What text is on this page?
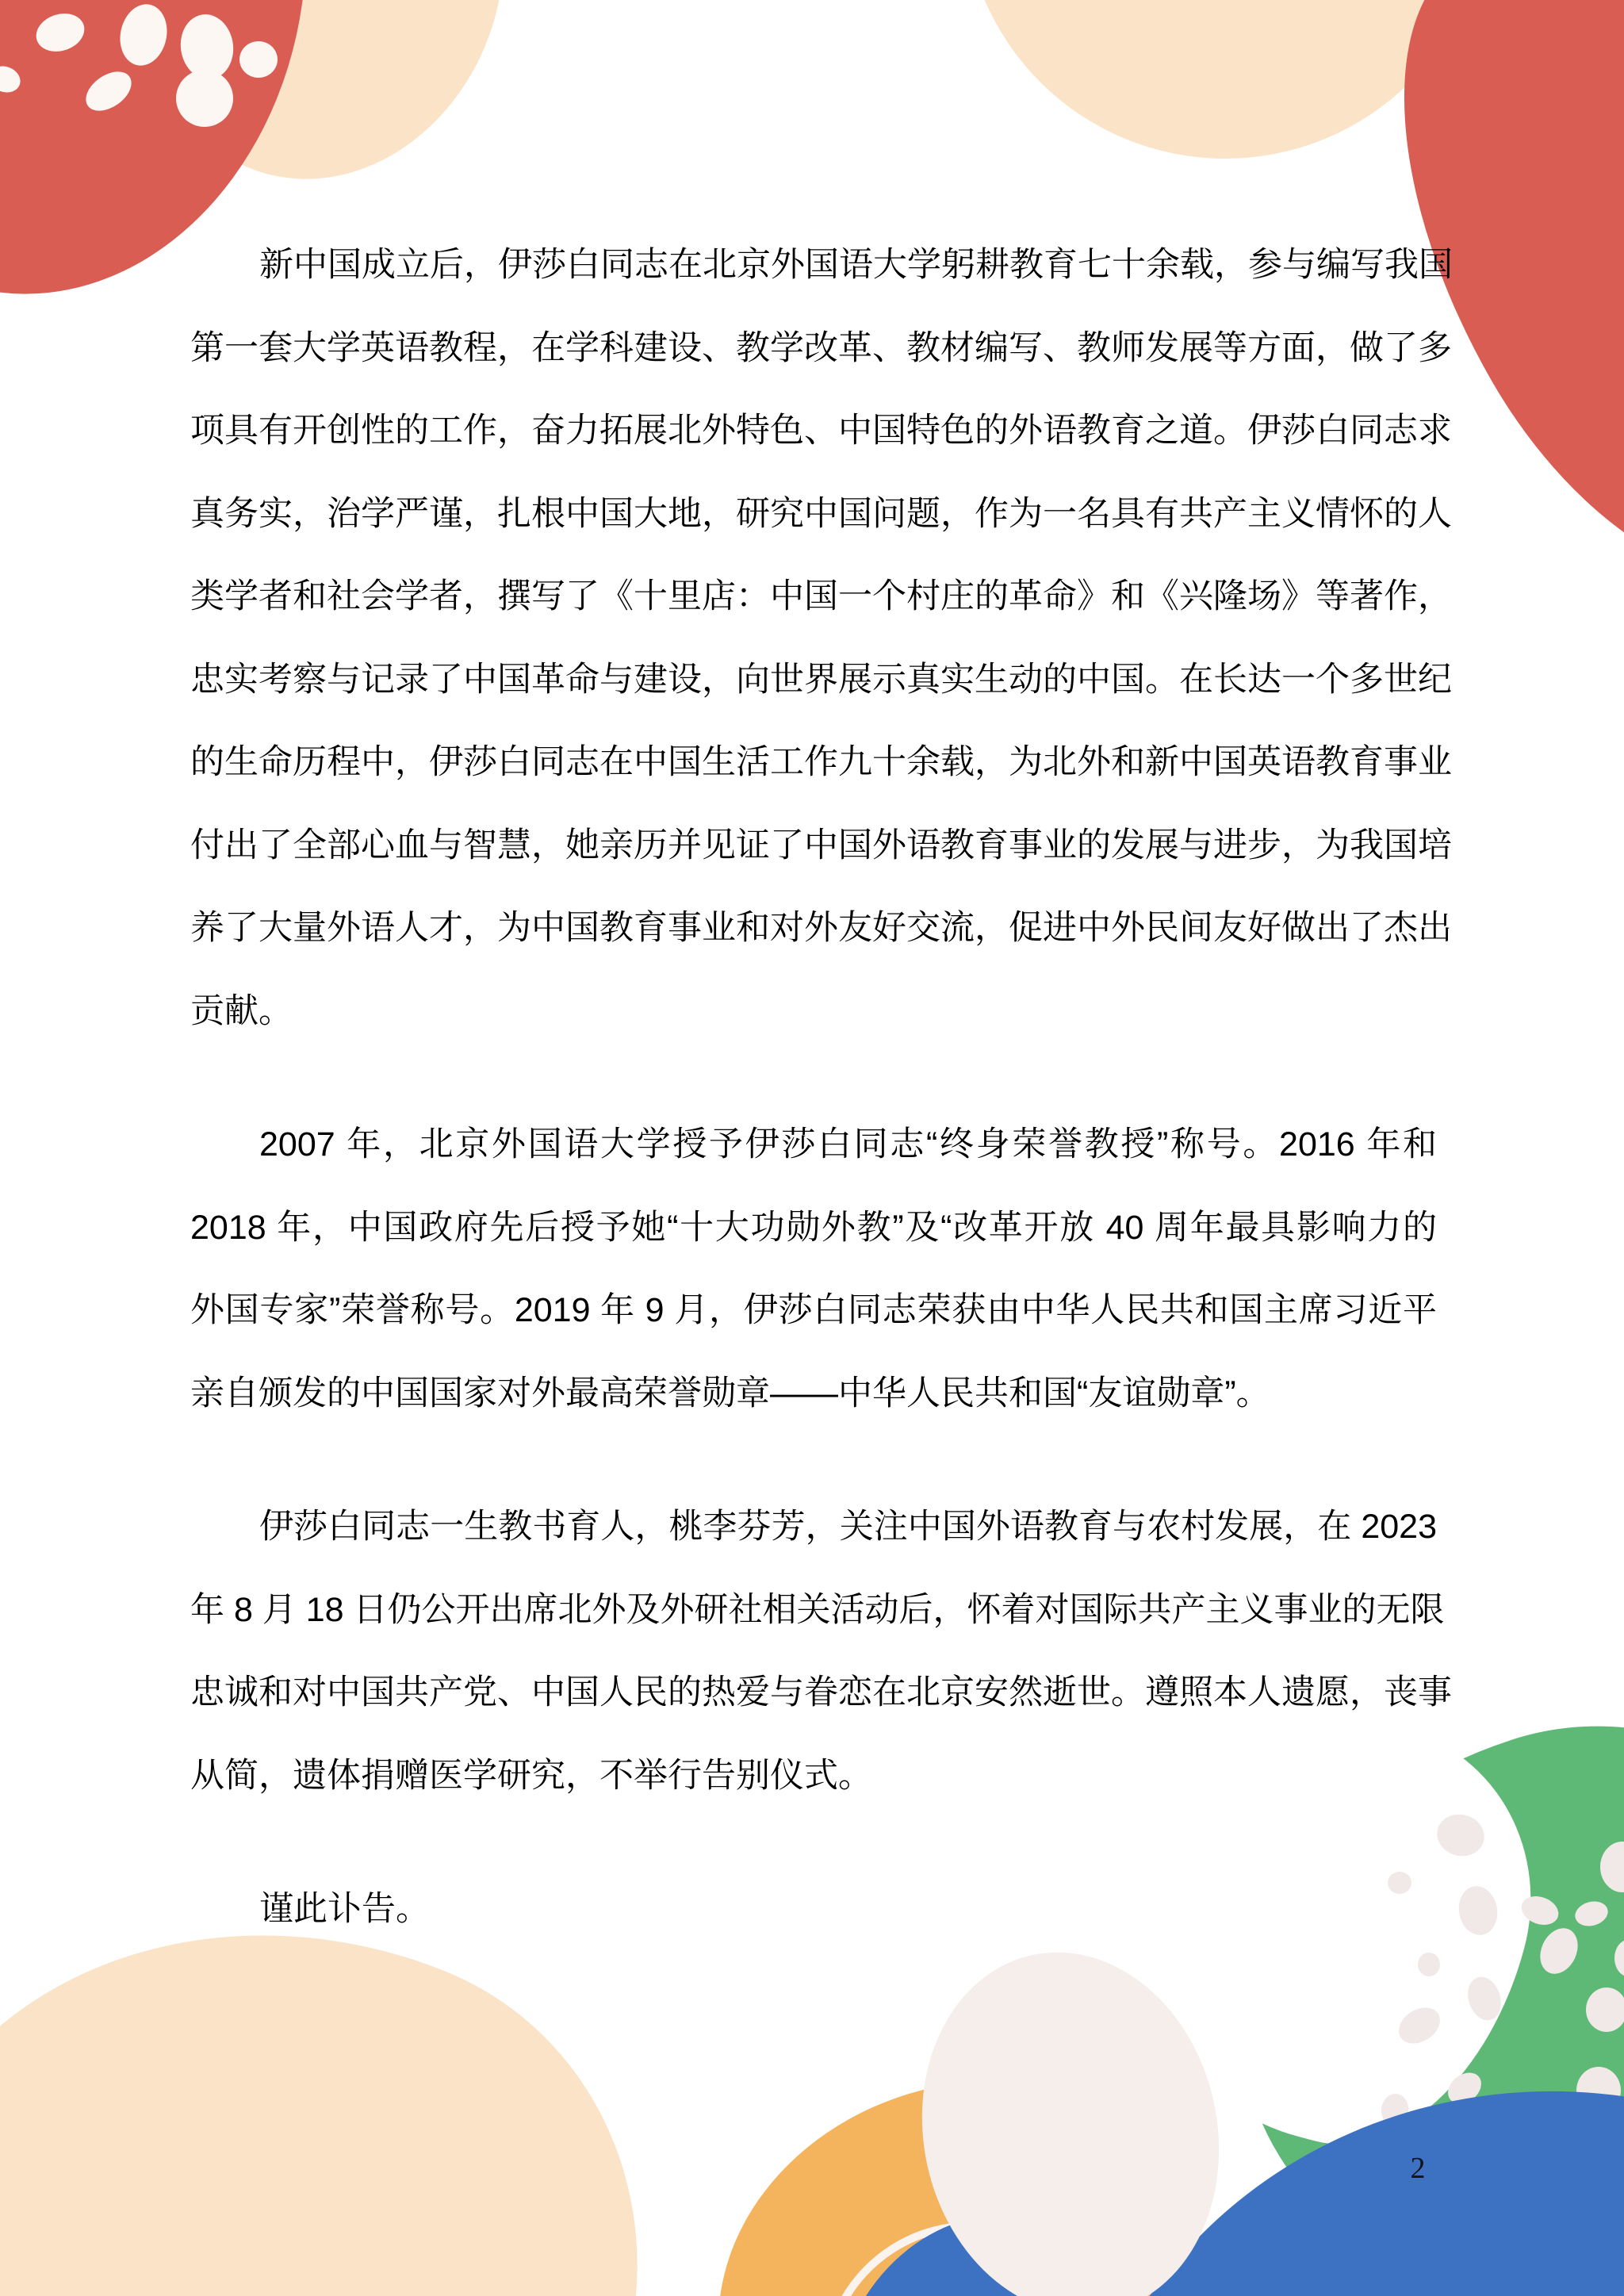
新中国成立后，伊莎白同志在北京外国语大学躬耕教育七十余载，参与编写我国
第一套大学英语教程，在学科建设、教学改革、教材编写、教师发展等方面，做了多
项具有开创性的工作，奋力拓展北外特色、中国特色的外语教育之道。伊莎白同志求
真务实，治学严谨，扎根中国大地，研究中国问题，作为一名具有共产主义情怀的人
类学者和社会学者，撰写了《十里店：中国一个村庄的革命》和《兴隆场》等著作，
忠实考察与记录了中国革命与建设，向世界展示真实生动的中国。在长达一个多世纪
的生命历程中，伊莎白同志在中国生活工作九十余载，为北外和新中国英语教育事业
付出了全部心血与智慧，她亲历并见证了中国外语教育事业的发展与进步，为我国培
养了大量外语人才，为中国教育事业和对外友好交流，促进中外民间友好做出了杰出
贡献。
2007 年，北京外国语大学授予伊莎白同志“终身荣誉教授”称号。2016 年和
2018 年，中国政府先后授予她“十大功勋外教”及“改革开放 40 周年最具影响力的
外国专家”荣誉称号。2019 年 9 月，伊莎白同志荣获由中华人民共和国主席习近平
亲自颁发的中国国家对外最高荣誉勋章——中华人民共和国“友谊勋章”。
伊莎白同志一生教书育人，桃李芬芳，关注中国外语教育与农村发展，在 2023
年 8 月 18 日仍公开出席北外及外研社相关活动后，怀着对国际共产主义事业的无限
忠诚和对中国共产党、中国人民的热爱与眷恋在北京安然逝世。遵照本人遗愿，丧事
从简，遗体捐赠医学研究，不举行告别仪式。
谨此讣告。
2
